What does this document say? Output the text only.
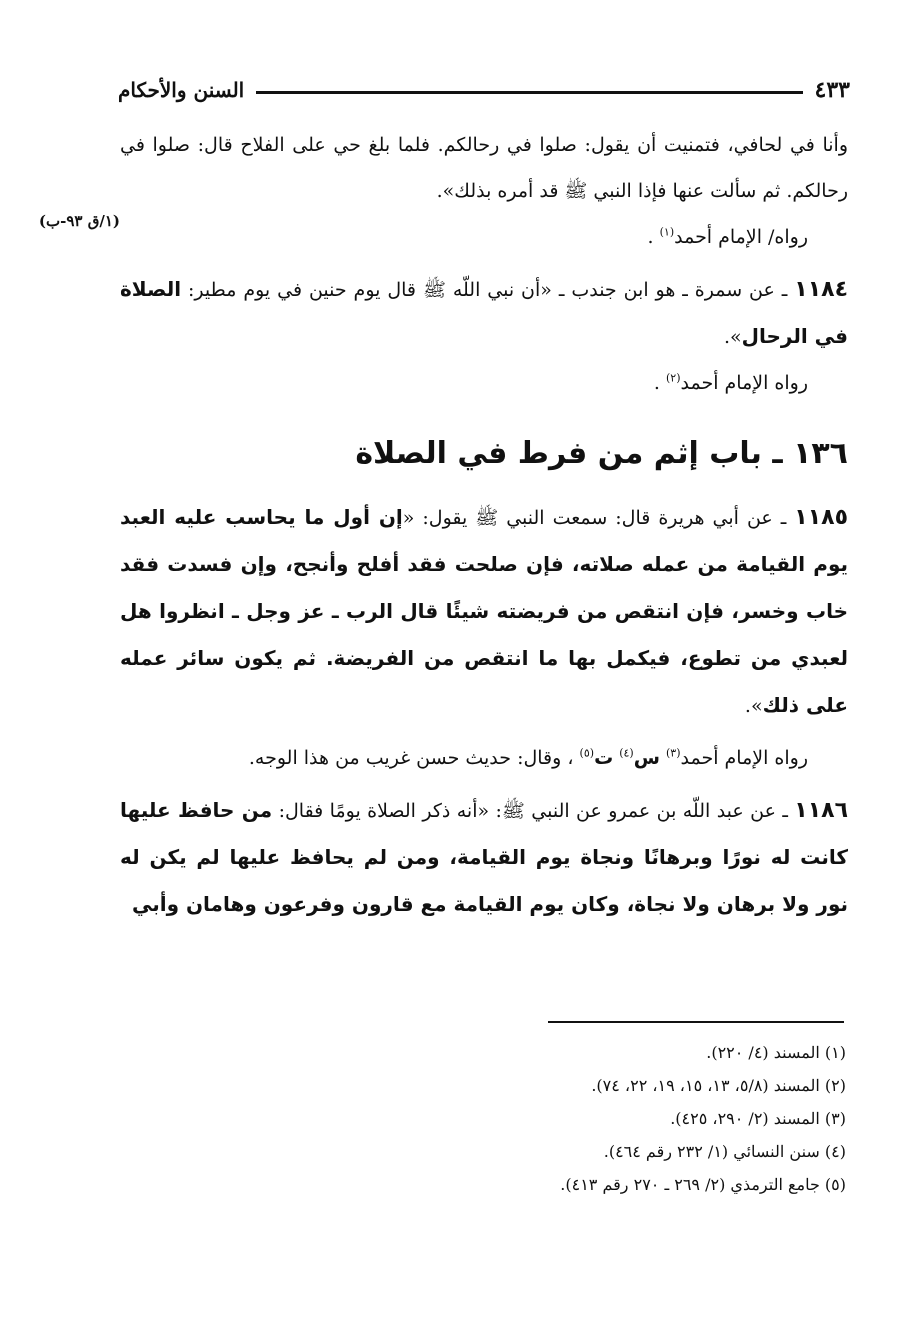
السنن والأحكام	٤٣٣
(١/ق ٩٣-ب)

وأنا في لحافي، فتمنيت أن يقول: صلوا في رحالكم. فلما بلغ حي على الفلاح قال: صلوا في رحالكم. ثم سألت عنها فإذا النبي ﷺ قد أمره بذلك».

رواه/ الإمام أحمد$^{(١)}$ .

١١٨٤ ـ عن سمرة ـ هو ابن جندب ـ «أن نبي اللّه ﷺ قال يوم حنين في يوم مطير: الصلاة في الرحال».

رواه الإمام أحمد$^{(٢)}$ .

١٣٦ ـ باب إثم من فرط في الصلاة

١١٨٥ ـ عن أبي هريرة قال: سمعت النبي ﷺ يقول: «إن أول ما يحاسب عليه العبد يوم القيامة من عمله صلاته، فإن صلحت فقد أفلح وأنجح، وإن فسدت فقد خاب وخسر، فإن انتقص من فريضته شيئًا قال الرب ـ عز وجل ـ انظروا هل لعبدي من تطوع، فيكمل بها ما انتقص من الفريضة. ثم يكون سائر عمله على ذلك».

رواه الإمام أحمد$^{(٣)}$ س$^{(٤)}$ ت$^{(٥)}$ ، وقال: حديث حسن غريب من هذا الوجه.

١١٨٦ ـ عن عبد اللّه بن عمرو عن النبي ﷺ: «أنه ذكر الصلاة يومًا فقال: من حافظ عليها كانت له نورًا وبرهانًا ونجاة يوم القيامة، ومن لم يحافظ عليها لم يكن له نور ولا برهان ولا نجاة، وكان يوم القيامة مع قارون وفرعون وهامان وأبي

(١) المسند (٤/ ٢٢٠).

(٢) المسند (٥/٨، ١٣، ١٥، ١٩، ٢٢، ٧٤).

(٣) المسند (٢/ ٢٩٠، ٤٢٥).

(٤) سنن النسائي (١/ ٢٣٢ رقم ٤٦٤).

(٥) جامع الترمذي (٢/ ٢٦٩ ـ ٢٧٠ رقم ٤١٣).
